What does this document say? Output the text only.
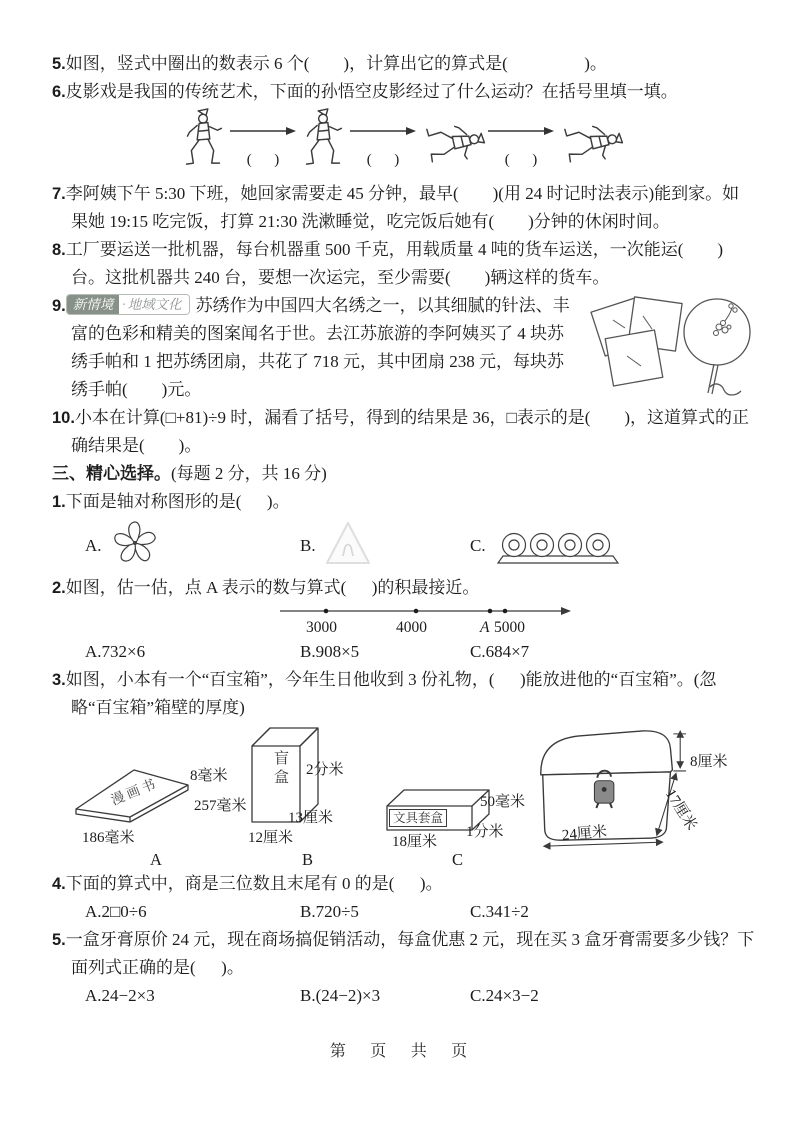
5.如图，竖式中圈出的数表示 6 个(        )，计算出它的算式是(                  )。
6.皮影戏是我国的传统艺术，下面的孙悟空皮影经过了什么运动？在括号里填一填。
(      )	(      )	(      )
7.李阿姨下午 5:30 下班，她回家需要走 45 分钟，最早(        )(用 24 时记时法表示)能到家。如果她 19:15 吃完饭，打算 21:30 洗漱睡觉，吃完饭后她有(        )分钟的休闲时间。
8.工厂要运送一批机器，每台机器重 500 千克，用载质量 4 吨的货车运送，一次能运(        )台。这批机器共 240 台，要想一次运完，至少需要(        )辆这样的货车。
9. 新情境 · 地域文化 苏绣作为中国四大名绣之一，以其细腻的针法、丰富的色彩和精美的图案闻名于世。去江苏旅游的李阿姨买了 4 块苏绣手帕和 1 把苏绣团扇，共花了 718 元，其中团扇 238 元，每块苏绣手帕(        )元。
10.小本在计算(□+81)÷9 时，漏看了括号，得到的结果是 36，□表示的是(        )，这道算式的正确结果是(        )。
三、精心选择。(每题 2 分，共 16 分)
1.下面是轴对称图形的是(      )。
A.	B.	C.
2.如图，估一估，点 A 表示的数与算式(      )的积最接近。
3000	4000	A 5000
A.732×6	B.908×5	C.684×7
3.如图，小本有一个“百宝箱”，今年生日他收到 3 份礼物，(      )能放进他的“百宝箱”。(忽略“百宝箱”箱壁的厚度)
漫画书 8毫米
257毫米
186毫米
A
盲盒	2分米
13厘米
12厘米
B
文具套盒
50毫米
1分米
18厘米
C
8厘米
17厘米
24厘米
4.下面的算式中，商是三位数且末尾有 0 的是(      )。
A.2□0÷6	B.720÷5	C.341÷2
5.一盒牙膏原价 24 元，现在商场搞促销活动，每盒优惠 2 元，现在买 3 盒牙膏需要多少钱？下面列式正确的是(      )。
A.24−2×3	B.(24−2)×3	C.24×3−2
第 页 共 页
